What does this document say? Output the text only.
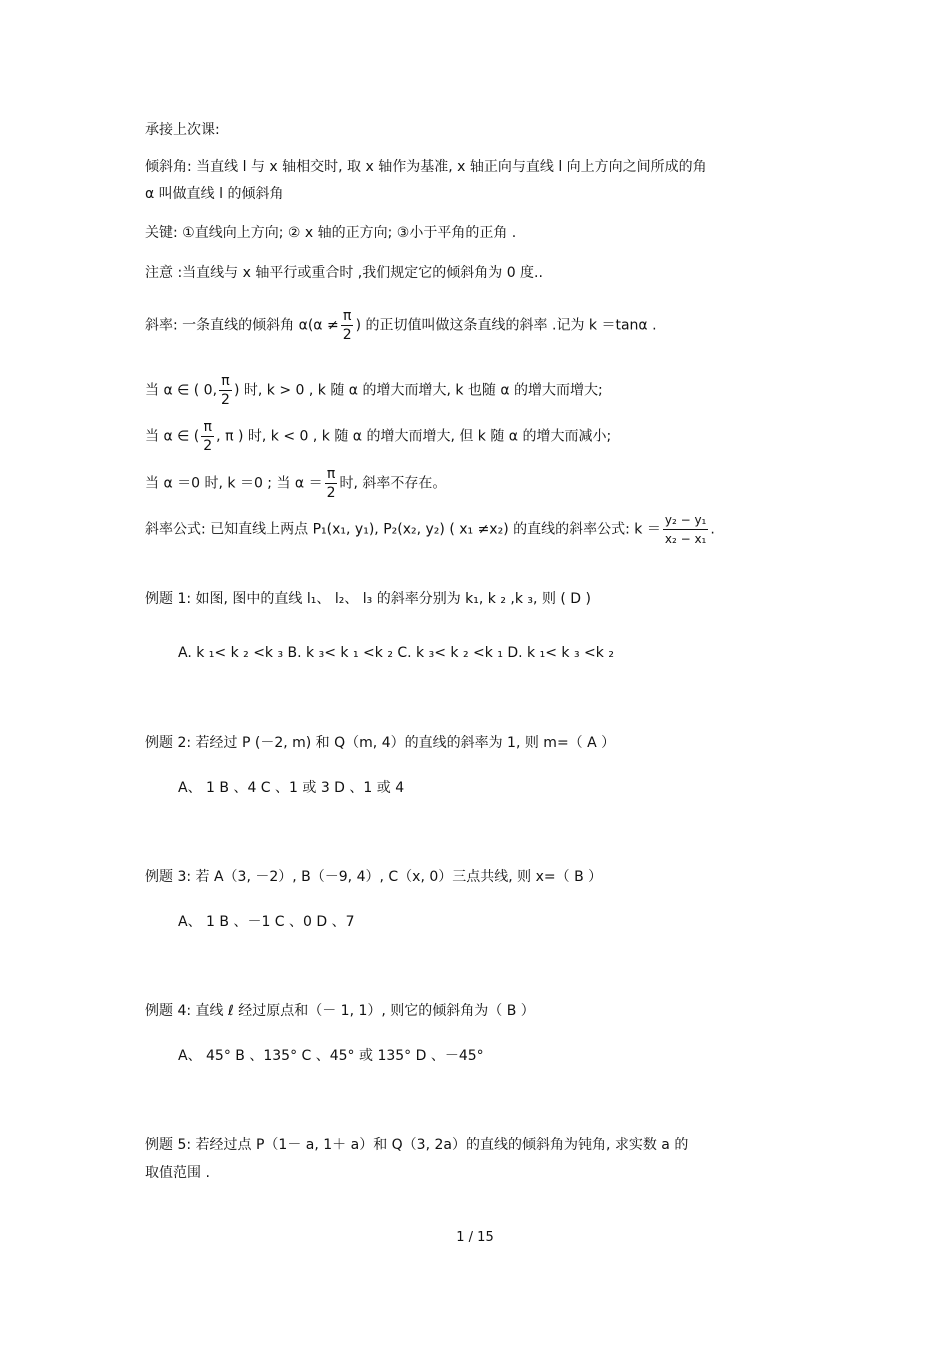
承接上次课:
倾斜角: 当直线 l 与 x 轴相交时, 取 x 轴作为基准, x 轴正向与直线 l 向上方向之间所成的角
α 叫做直线 l 的倾斜角
关键: ①直线向上方向; ② x 轴的正方向; ③小于平角的正角 .
注意 :当直线与 x 轴平行或重合时 ,我们规定它的倾斜角为 0 度..
斜率: 一条直线的倾斜角 $\alpha(\alpha \ne \frac{\pi}{2}$ ) 的正切值叫做这条直线的斜率 .记为 k ＝tanα .
当 α ∈ ( 0, $\frac{\pi}{2}$ ) 时, k > 0 , k 随 α 的增大而增大, k 也随 α 的增大而增大;
当 α ∈ ( $\frac{\pi}{2}$ , π ) 时, k < 0 , k 随 α 的增大而增大, 但 k 随 α 的增大而减小;
当 α ＝0 时, k ＝0 ; 当 $\alpha = \frac{\pi}{2}$ 时, 斜率不存在。
斜率公式: 已知直线上两点 P₁(x₁, y₁), P₂(x₂, y₂) ( x₁ ≠x₂) 的直线的斜率公式: $k = \frac{\text{y₂ − y₁}}{\text{x₂ − x₁}}$ .
例题 1: 如图, 图中的直线 l₁、 l₂、 l₃ 的斜率分别为 k₁, k ₂ ,k ₃, 则 ( D )
A. k ₁< k ₂ <k ₃ B. k ₃< k ₁ <k ₂ C. k ₃< k ₂ <k ₁ D. k ₁< k ₃ <k ₂
例题 2: 若经过 P (－2, m) 和 Q（m, 4）的直线的斜率为 1, 则 m=（ A ）
A、 1 B 、4 C 、1 或 3 D 、1 或 4
例题 3: 若 A（3, －2）, B（－9, 4）, C（x, 0）三点共线, 则 x=（ B ）
A、 1 B 、－1 C 、0 D 、7
例题 4: 直线 ℓ 经过原点和（－ 1, 1）, 则它的倾斜角为（ B ）
A、 45° B 、135° C 、45° 或 135° D 、－45°
例题 5: 若经过点 P（1－ a, 1＋ a）和 Q（3, 2a）的直线的倾斜角为钝角, 求实数 a 的
取值范围 .
1 / 15
